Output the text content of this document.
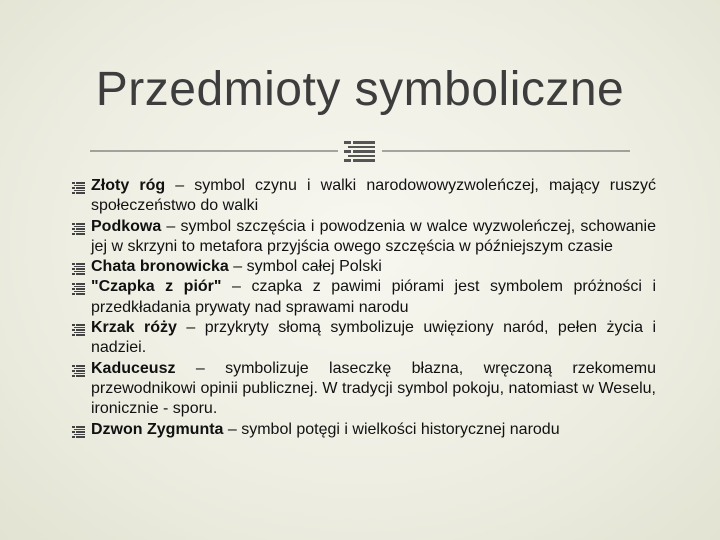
Przedmioty symboliczne
Złoty róg – symbol czynu i walki narodowowyzwoleńczej, mający ruszyć społeczeństwo do walki
Podkowa – symbol szczęścia i powodzenia w walce wyzwoleńczej, schowanie jej w skrzyni to metafora przyjścia owego szczęścia w późniejszym czasie
Chata bronowicka – symbol całej Polski
"Czapka z piór" – czapka z pawimi piórami jest symbolem próżności i przedkładania prywaty nad sprawami narodu
Krzak róży – przykryty słomą symbolizuje uwięziony naród, pełen życia i nadziei.
Kaduceusz – symbolizuje laseczkę błazna, wręczoną rzekomemu przewodnikowi opinii publicznej. W tradycji symbol pokoju, natomiast w Weselu, ironicznie - sporu.
Dzwon Zygmunta – symbol potęgi i wielkości historycznej narodu
